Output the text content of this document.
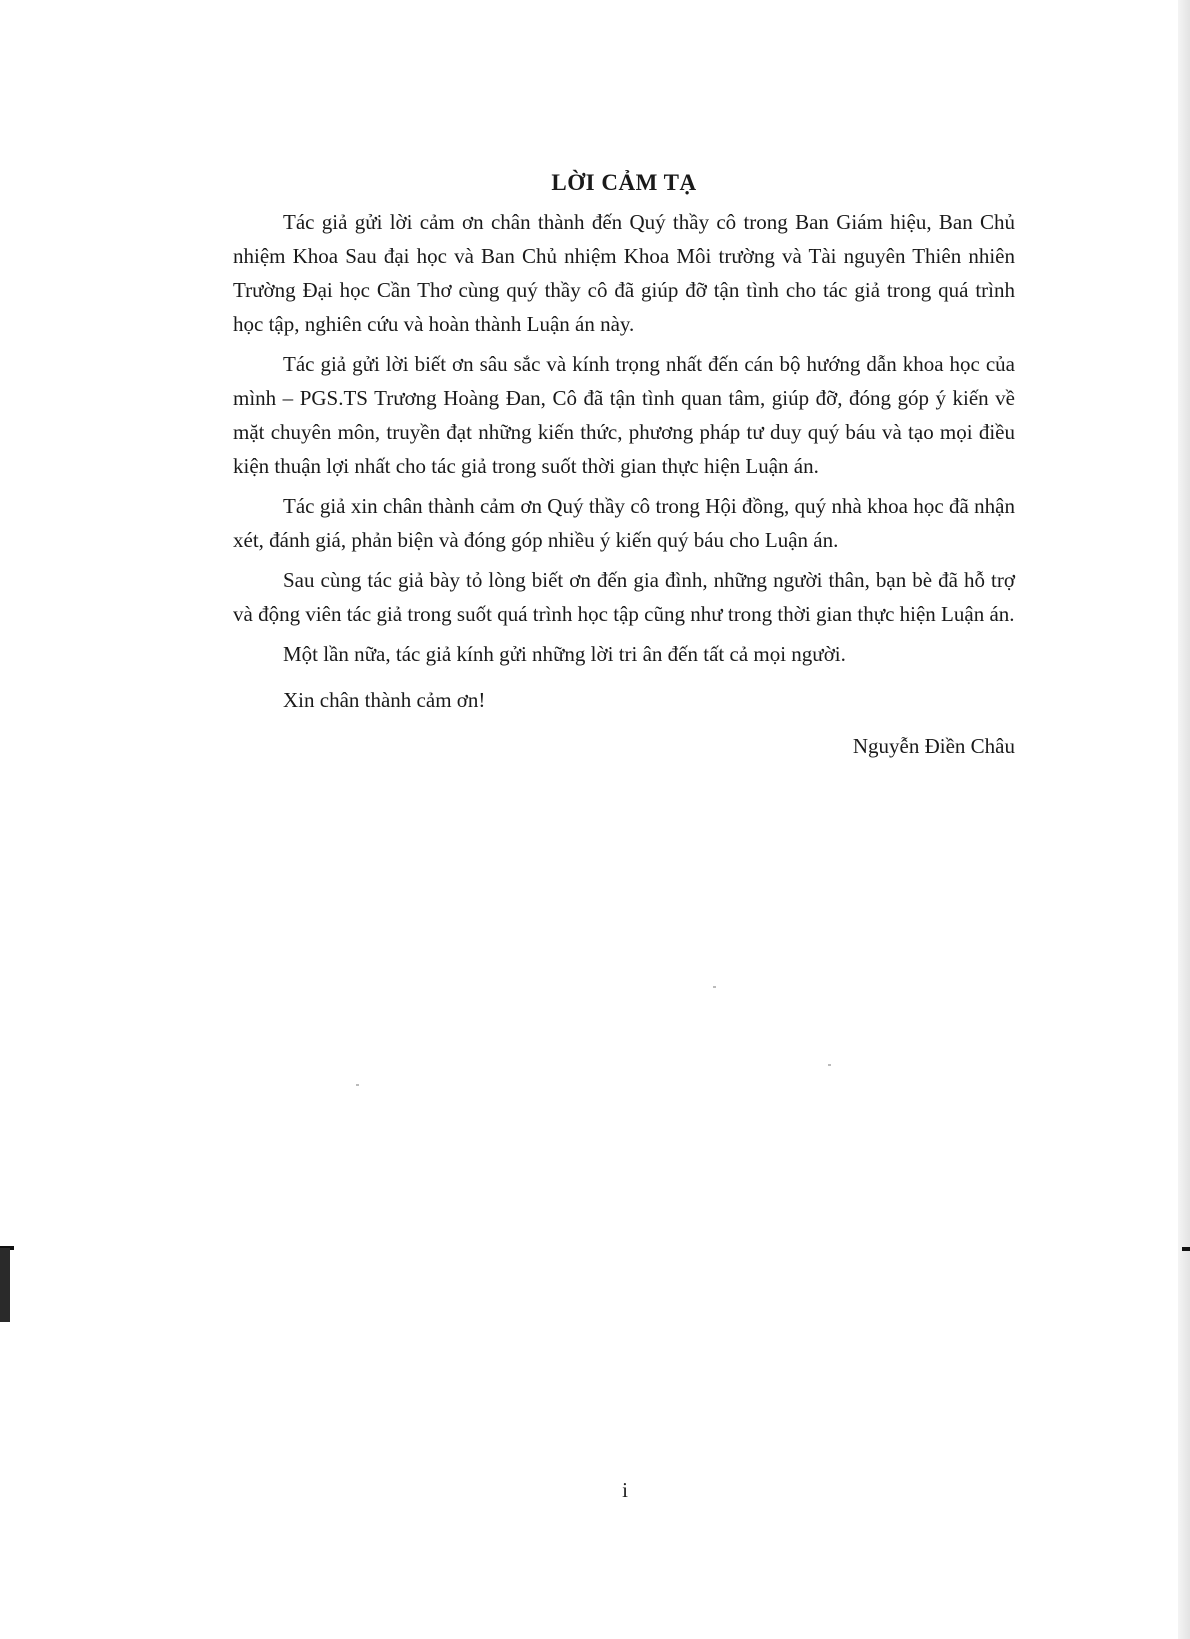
LỜI CẢM TẠ

Tác giả gửi lời cảm ơn chân thành đến Quý thầy cô trong Ban Giám hiệu, Ban Chủ nhiệm Khoa Sau đại học và Ban Chủ nhiệm Khoa Môi trường và Tài nguyên Thiên nhiên Trường Đại học Cần Thơ cùng quý thầy cô đã giúp đỡ tận tình cho tác giả trong quá trình học tập, nghiên cứu và hoàn thành Luận án này.

Tác giả gửi lời biết ơn sâu sắc và kính trọng nhất đến cán bộ hướng dẫn khoa học của mình – PGS.TS Trương Hoàng Đan, Cô đã tận tình quan tâm, giúp đỡ, đóng góp ý kiến về mặt chuyên môn, truyền đạt những kiến thức, phương pháp tư duy quý báu và tạo mọi điều kiện thuận lợi nhất cho tác giả trong suốt thời gian thực hiện Luận án.

Tác giả xin chân thành cảm ơn Quý thầy cô trong Hội đồng, quý nhà khoa học đã nhận xét, đánh giá, phản biện và đóng góp nhiều ý kiến quý báu cho Luận án.

Sau cùng tác giả bày tỏ lòng biết ơn đến gia đình, những người thân, bạn bè đã hỗ trợ và động viên tác giả trong suốt quá trình học tập cũng như trong thời gian thực hiện Luận án.

Một lần nữa, tác giả kính gửi những lời tri ân đến tất cả mọi người.

Xin chân thành cảm ơn!

Nguyễn Điền Châu

i
